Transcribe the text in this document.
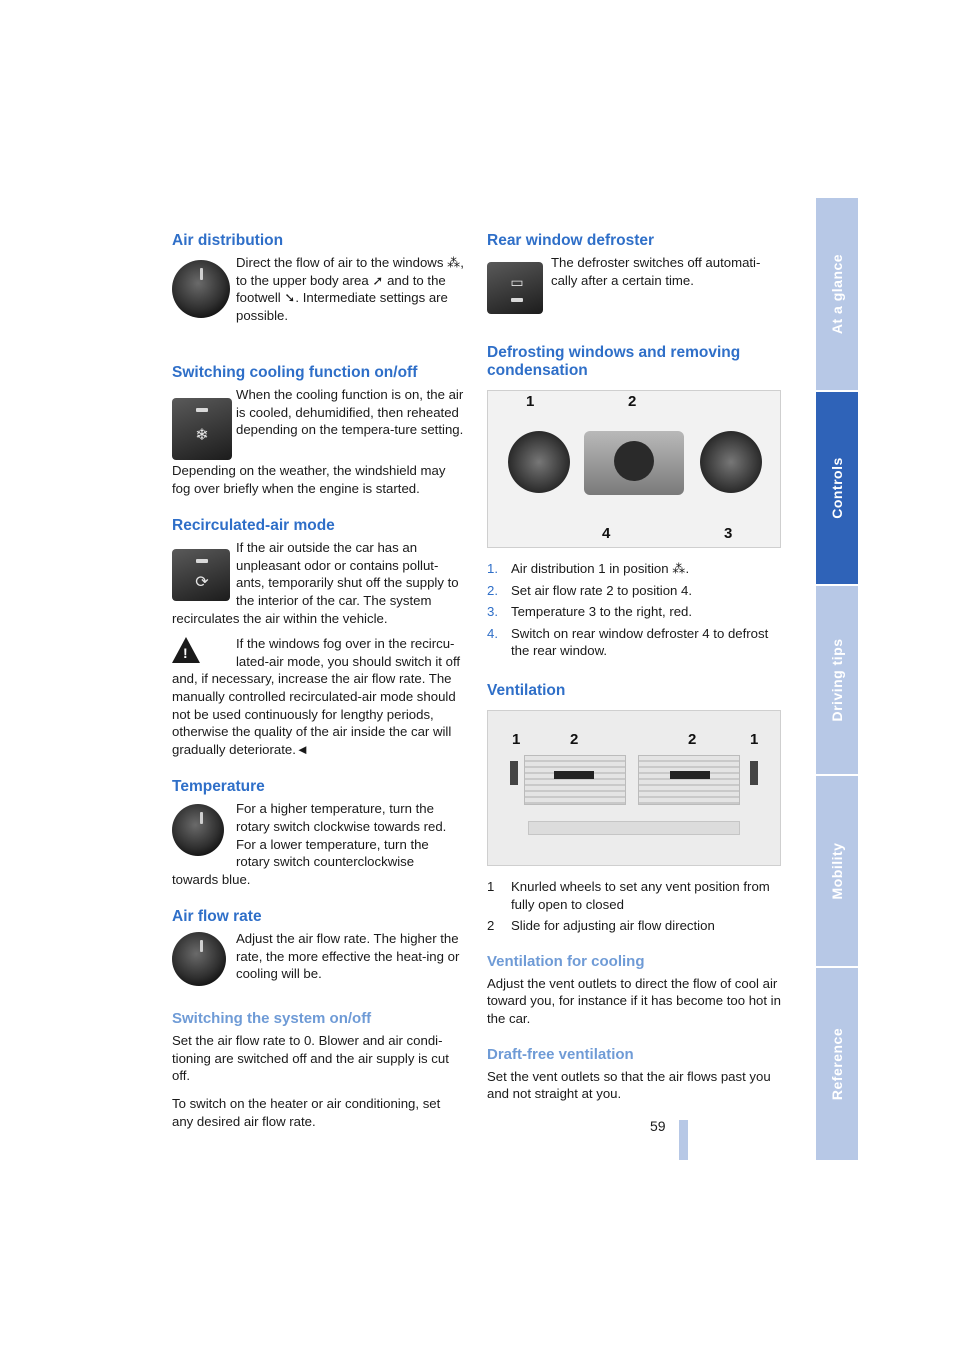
At a glance
Controls
Driving tips
Mobility
Reference
59
Air distribution

Direct the flow of air to the windows ⁂, to the upper body area ➚ and to the footwell ➘. Intermediate settings are possible.

Switching cooling function on/off
❄

When the cooling function is on, the air is cooled, dehumidified, then reheated depending on the tempera-ture setting.

Depending on the weather, the windshield may fog over briefly when the engine is started.

Recirculated-air mode
⟳

If the air outside the car has an unpleasant odor or contains pollut-ants, temporarily shut off the supply to the interior of the car. The system recirculates the air within the vehicle.

!

If the windows fog over in the recircu-lated-air mode, you should switch it off and, if necessary, increase the air flow rate. The manually controlled recirculated-air mode should not be used continuously for lengthy periods, otherwise the quality of the air inside the car will gradually deteriorate.◄

Temperature

For a higher temperature, turn the rotary switch clockwise towards red. For a lower temperature, turn the rotary switch counterclockwise towards blue.

Air flow rate

Adjust the air flow rate. The higher the rate, the more effective the heat-ing or cooling will be.

Switching the system on/off

Set the air flow rate to 0. Blower and air condi-tioning are switched off and the air supply is cut off.

To switch on the heater or air conditioning, set any desired air flow rate.

Rear window defroster
▭

The defroster switches off automati-cally after a certain time.

Defrosting windows and removing condensation
1	2
4	3
1. Air distribution 1 in position ⁂.
2. Set air flow rate 2 to position 4.
3. Temperature 3 to the right, red.
4. Switch on rear window defroster 4 to defrost the rear window.
Ventilation
1	2	2	1
1 Knurled wheels to set any vent position from fully open to closed
2 Slide for adjusting air flow direction
Ventilation for cooling

Adjust the vent outlets to direct the flow of cool air toward you, for instance if it has become too hot in the car.

Draft-free ventilation

Set the vent outlets so that the air flows past you and not straight at you.
